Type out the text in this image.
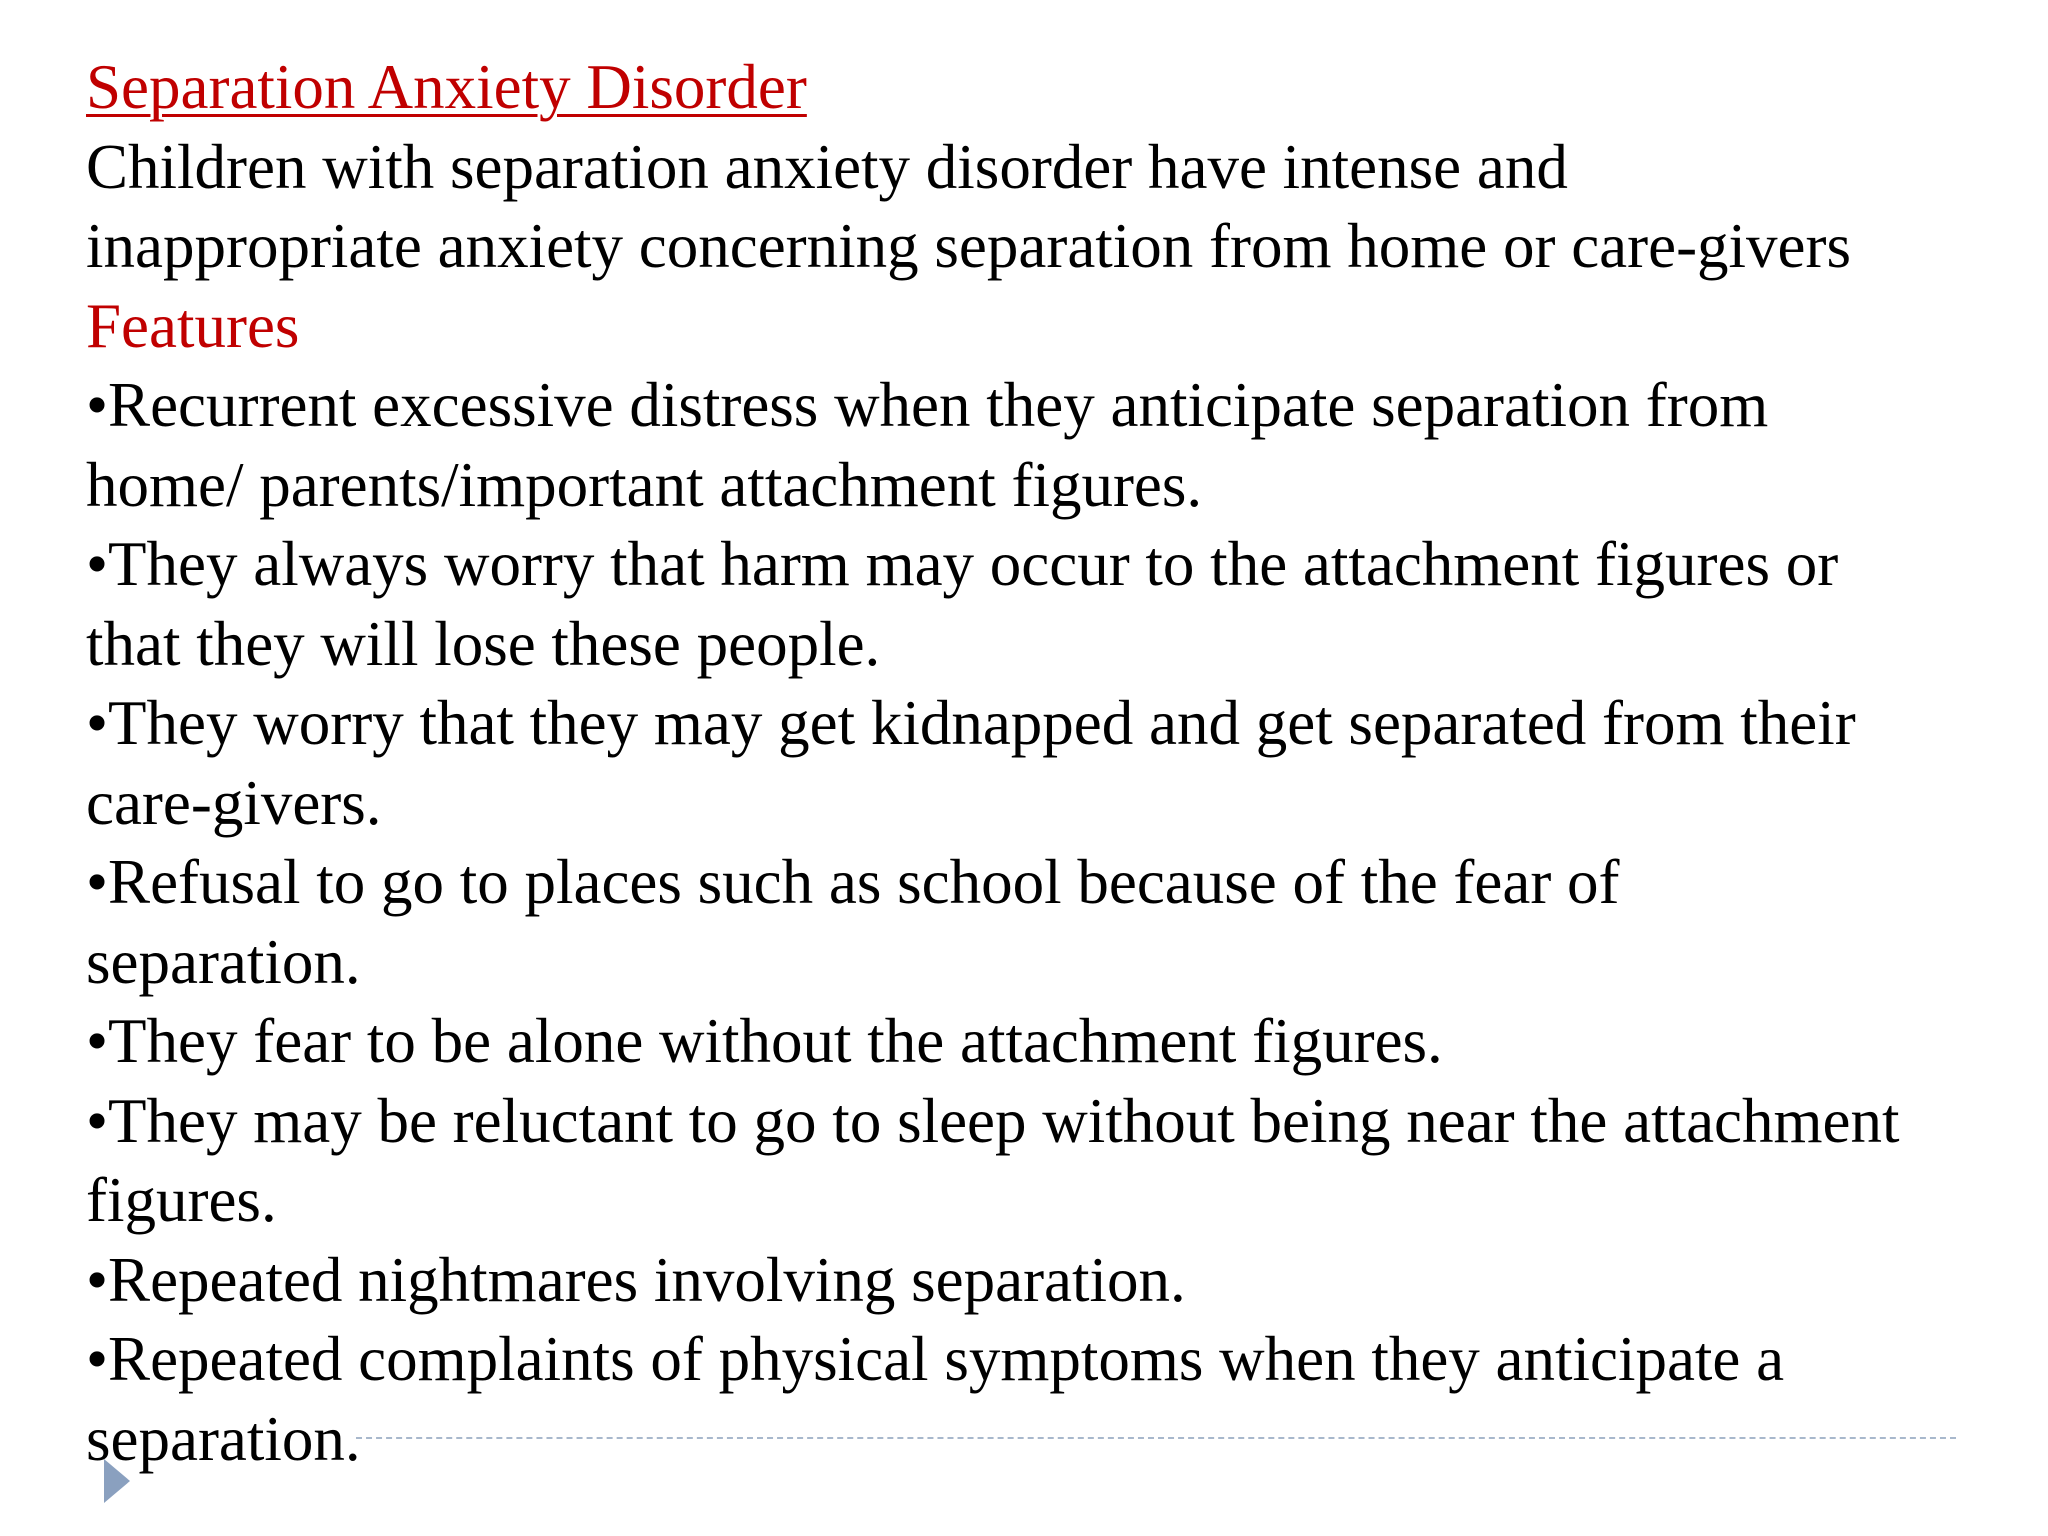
Separation Anxiety Disorder
Children with separation anxiety disorder have intense and
inappropriate anxiety concerning separation from home or care-givers
Features
•Recurrent excessive distress when they anticipate separation from
home/ parents/important attachment figures.
•They always worry that harm may occur to the attachment figures or
that they will lose these people.
•They worry that they may get kidnapped and get separated from their
care-givers.
•Refusal to go to places such as school because of the fear of
separation.
•They fear to be alone without the attachment figures.
•They may be reluctant to go to sleep without being near the attachment
figures.
•Repeated nightmares involving separation.
•Repeated complaints of physical symptoms when they anticipate a
separation.
